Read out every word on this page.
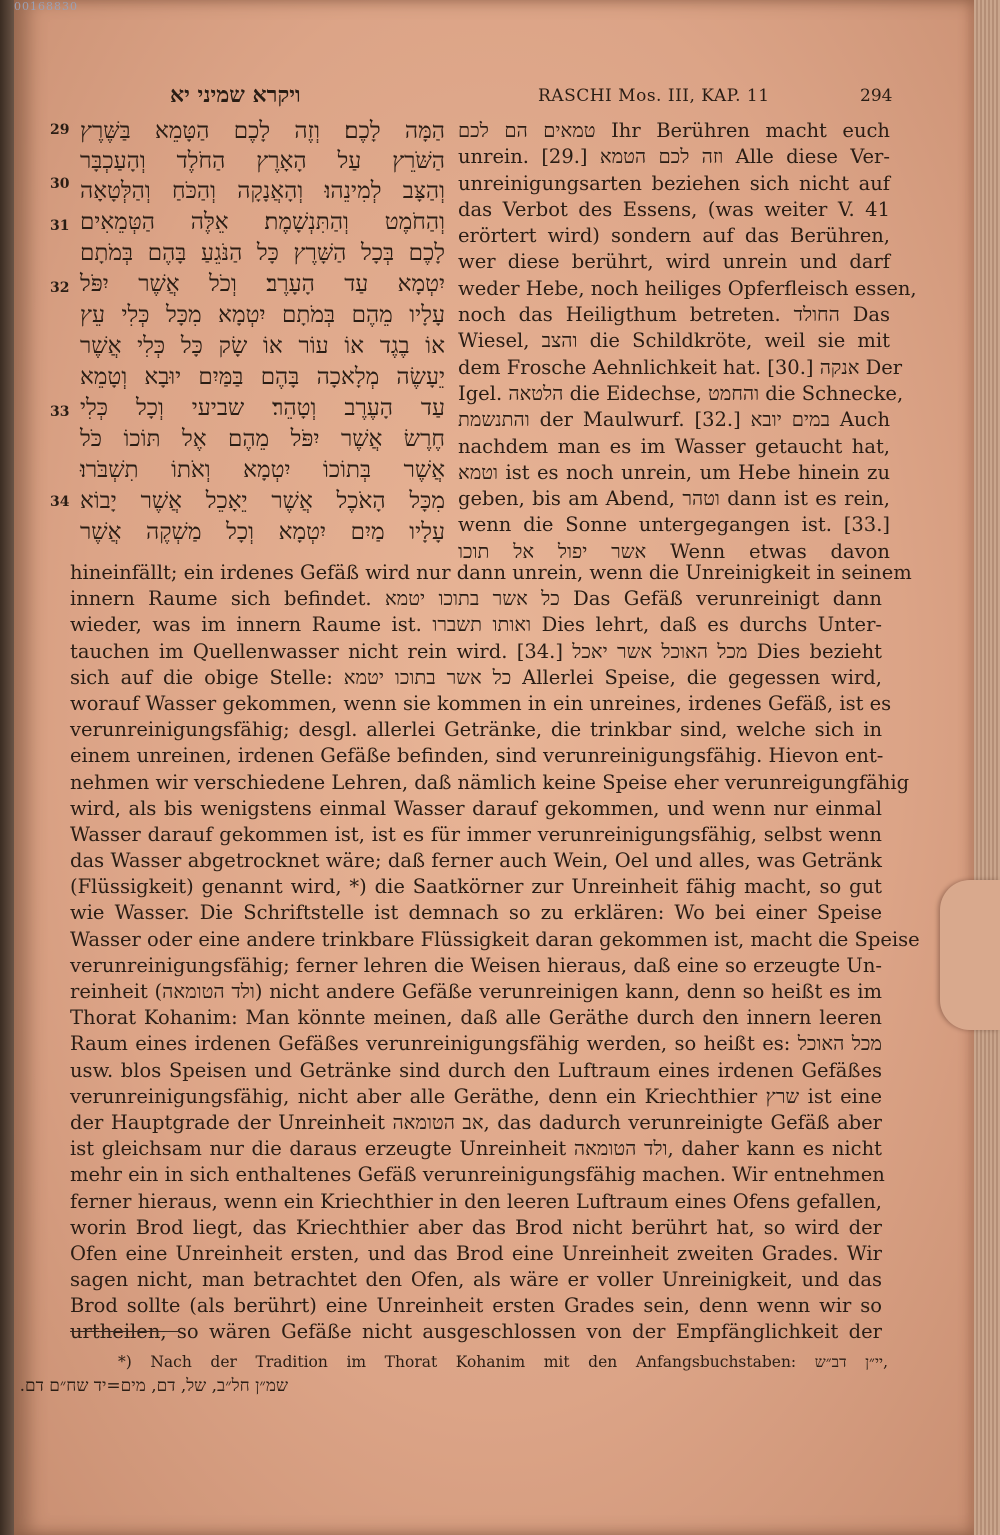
00168830
ויקרא שמיני יא	RASCHI Mos. III, KAP. 11	294
29
30
31
32
33
34
הַמָּה לָכֶם׃ וְזֶה לָכֶם הַטָּמֵא בַּשֶּׁרֶץ
הַשֹּׁרֵץ עַל הָאָרֶץ הַחֹלֶד וְהָעַכְבָּר
וְהַצָּב לְמִינֵהוּ׃ וְהָאֲנָקָה וְהַכֹּחַ וְהַלְּטָאָה
וְהַחֹמֶט וְהַתִּנְשָׁמֶת׃ אֵלֶּה הַטְּמֵאִים
לָכֶם בְּכָל הַשָּׁרֶץ כָּל הַנֹּגֵעַ בָּהֶם בְּמֹתָם
יִטְמָא עַד הָעָרֶב׃ וְכֹל אֲשֶׁר יִפֹּל
עָלָיו מֵהֶם בְּמֹתָם יִטְמָא מִכָּל כְּלִי עֵץ
אוֹ בֶגֶד אוֹ עוֹר אוֹ שָׂק כָּל כְּלִי אֲשֶׁר
יֵעָשֶׂה מְלָאכָה בָּהֶם בַּמַּיִם יוּבָא וְטָמֵא
עַד הָעֶרֶב וְטָהֵר׃ שביעי וְכָל כְּלִי
חֶרֶשׂ אֲשֶׁר יִפֹּל מֵהֶם אֶל תּוֹכוֹ כֹּל
אֲשֶׁר בְּתוֹכוֹ יִטְמָא וְאֹתוֹ תִשְׁבֹּרוּ׃
מִכָּל הָאֹכֶל אֲשֶׁר יֵאָכֵל אֲשֶׁר יָבוֹא
עָלָיו מַיִם יִטְמָא וְכָל מַשְׁקֶה אֲשֶׁר
טמאים הם לכם Ihr Berühren macht euch
unrein. [29.] וזה לכם הטמא Alle diese Ver-
unreinigungsarten beziehen sich nicht auf
das Verbot des Essens, (was weiter V. 41
erörtert wird) sondern auf das Berühren,
wer diese berührt, wird unrein und darf
weder Hebe, noch heiliges Opferfleisch essen,
noch das Heiligthum betreten. החולד Das
Wiesel, והצב die Schildkröte, weil sie mit
dem Frosche Aehnlichkeit hat. [30.] אנקה Der
Igel. הלטאה die Eidechse, והחמט die Schnecke,
והתנשמת der Maulwurf. [32.] במים יובא Auch
nachdem man es im Wasser getaucht hat,
וטמא ist es noch unrein, um Hebe hinein zu
geben, bis am Abend, וטהר dann ist es rein,
wenn die Sonne untergegangen ist. [33.]
אשר יפול אל תוכו Wenn etwas davon
hineinfällt; ein irdenes Gefäß wird nur dann unrein, wenn die Unreinigkeit in seinem
innern Raume sich befindet. כל אשר בתוכו יטמא Das Gefäß verunreinigt dann
wieder, was im innern Raume ist. ואותו תשברו Dies lehrt, daß es durchs Unter-
tauchen im Quellenwasser nicht rein wird. [34.] מכל האוכל אשר יאכל Dies bezieht
sich auf die obige Stelle: כל אשר בתוכו יטמא Allerlei Speise, die gegessen wird,
worauf Wasser gekommen, wenn sie kommen in ein unreines, irdenes Gefäß, ist es
verunreinigungsfähig; desgl. allerlei Getränke, die trinkbar sind, welche sich in
einem unreinen, irdenen Gefäße befinden, sind verunreinigungsfähig. Hievon ent-
nehmen wir verschiedene Lehren, daß nämlich keine Speise eher verunreigungfähig
wird, als bis wenigstens einmal Wasser darauf gekommen, und wenn nur einmal
Wasser darauf gekommen ist, ist es für immer verunreinigungsfähig, selbst wenn
das Wasser abgetrocknet wäre; daß ferner auch Wein, Oel und alles, was Getränk
(Flüssigkeit) genannt wird, *) die Saatkörner zur Unreinheit fähig macht, so gut
wie Wasser. Die Schriftstelle ist demnach so zu erklären: Wo bei einer Speise
Wasser oder eine andere trinkbare Flüssigkeit daran gekommen ist, macht die Speise
verunreinigungsfähig; ferner lehren die Weisen hieraus, daß eine so erzeugte Un-
reinheit (ולד הטומאה) nicht andere Gefäße verunreinigen kann, denn so heißt es im
Thorat Kohanim: Man könnte meinen, daß alle Geräthe durch den innern leeren
Raum eines irdenen Gefäßes verunreinigungsfähig werden, so heißt es: מכל האוכל
usw. blos Speisen und Getränke sind durch den Luftraum eines irdenen Gefäßes
verunreinigungsfähig, nicht aber alle Geräthe, denn ein Kriechthier שרץ ist eine
der Hauptgrade der Unreinheit אב הטומאה, das dadurch verunreinigte Gefäß aber
ist gleichsam nur die daraus erzeugte Unreinheit ולד הטומאה, daher kann es nicht
mehr ein in sich enthaltenes Gefäß verunreinigungsfähig machen. Wir entnehmen
ferner hieraus, wenn ein Kriechthier in den leeren Luftraum eines Ofens gefallen,
worin Brod liegt, das Kriechthier aber das Brod nicht berührt hat, so wird der
Ofen eine Unreinheit ersten, und das Brod eine Unreinheit zweiten Grades. Wir
sagen nicht, man betrachtet den Ofen, als wäre er voller Unreinigkeit, und das
Brod sollte (als berührt) eine Unreinheit ersten Grades sein, denn wenn wir so
urtheilen, so wären Gefäße nicht ausgeschlossen von der Empfänglichkeit der
*) Nach der Tradition im Thorat Kohanim mit den Anfangsbuchstaben: יי״ן דב״ש,
שמ״ן חל״ב, של, דם, מים=יד שח״ם דם.
